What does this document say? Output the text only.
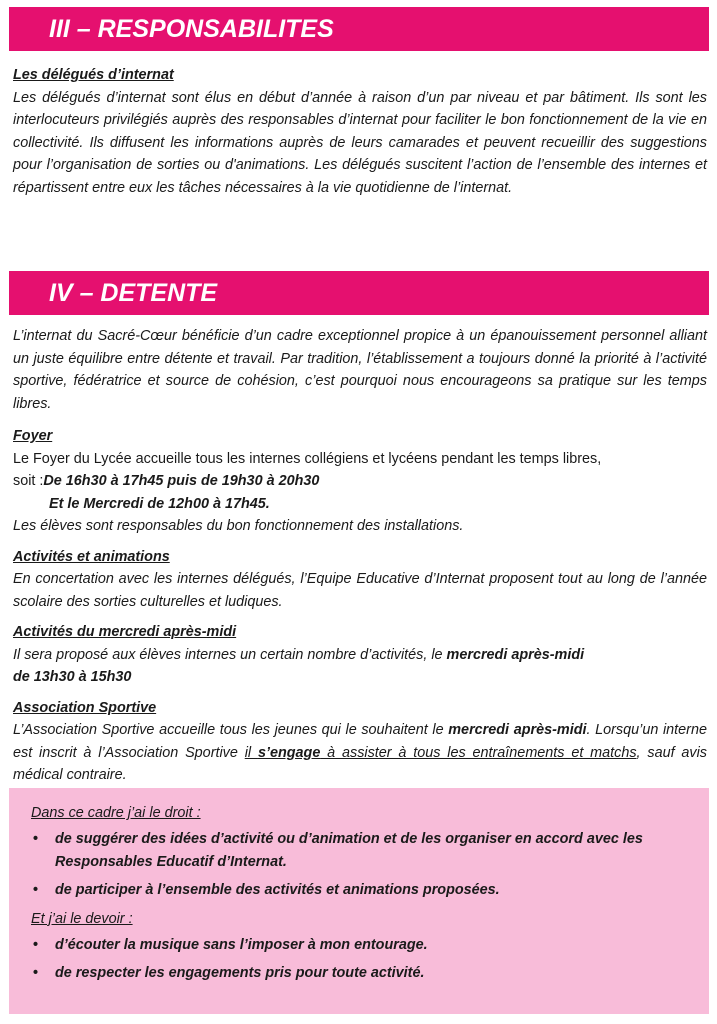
III – RESPONSABILITES

Les délégués d’internat

Les délégués d’internat sont élus en début d’année à raison d’un par niveau et par bâtiment. Ils sont les interlocuteurs privilégiés auprès des responsables d’internat pour faciliter le bon fonctionnement de la vie en collectivité. Ils diffusent les informations auprès de leurs camarades et peuvent recueillir des suggestions pour l’organisation de sorties ou d'animations. Les délégués suscitent l’action de l’ensemble des internes et répartissent entre eux les tâches nécessaires à la vie quotidienne de l’internat.

IV – DETENTE

L’internat du Sacré-Cœur bénéficie d’un cadre exceptionnel propice à un épanouissement personnel alliant un juste équilibre entre détente et travail. Par tradition, l’établissement a toujours donné la priorité à l’activité sportive, fédératrice et source de cohésion, c’est pourquoi nous encourageons sa pratique sur les temps libres.

Foyer

Le Foyer du Lycée accueille tous les internes collégiens et lycéens pendant les temps libres,

soit :De 16h30 à 17h45 puis de 19h30 à 20h30

Et le Mercredi de 12h00 à 17h45.

Les élèves sont responsables du bon fonctionnement des installations.

Activités et animations

En concertation avec les internes délégués, l’Equipe Educative d’Internat proposent tout au long de l’année scolaire des sorties culturelles et ludiques.

Activités du mercredi après-midi

Il sera proposé aux élèves internes un certain nombre d’activités, le mercredi après-midi

de 13h30 à 15h30

Association Sportive

L’Association Sportive accueille tous les jeunes qui le souhaitent le mercredi après-midi. Lorsqu’un interne est inscrit à l’Association Sportive il s’engage à assister à tous les entraînements et matchs, sauf avis médical contraire.

Dans ce cadre j’ai le droit :

• de suggérer des idées d’activité ou d’animation et de les organiser en accord avec les Responsables Educatif d’Internat.
• de participer à l’ensemble des activités et animations proposées.

Et j’ai le devoir :

• d’écouter la musique sans l’imposer à mon entourage.
• de respecter les engagements pris pour toute activité.
